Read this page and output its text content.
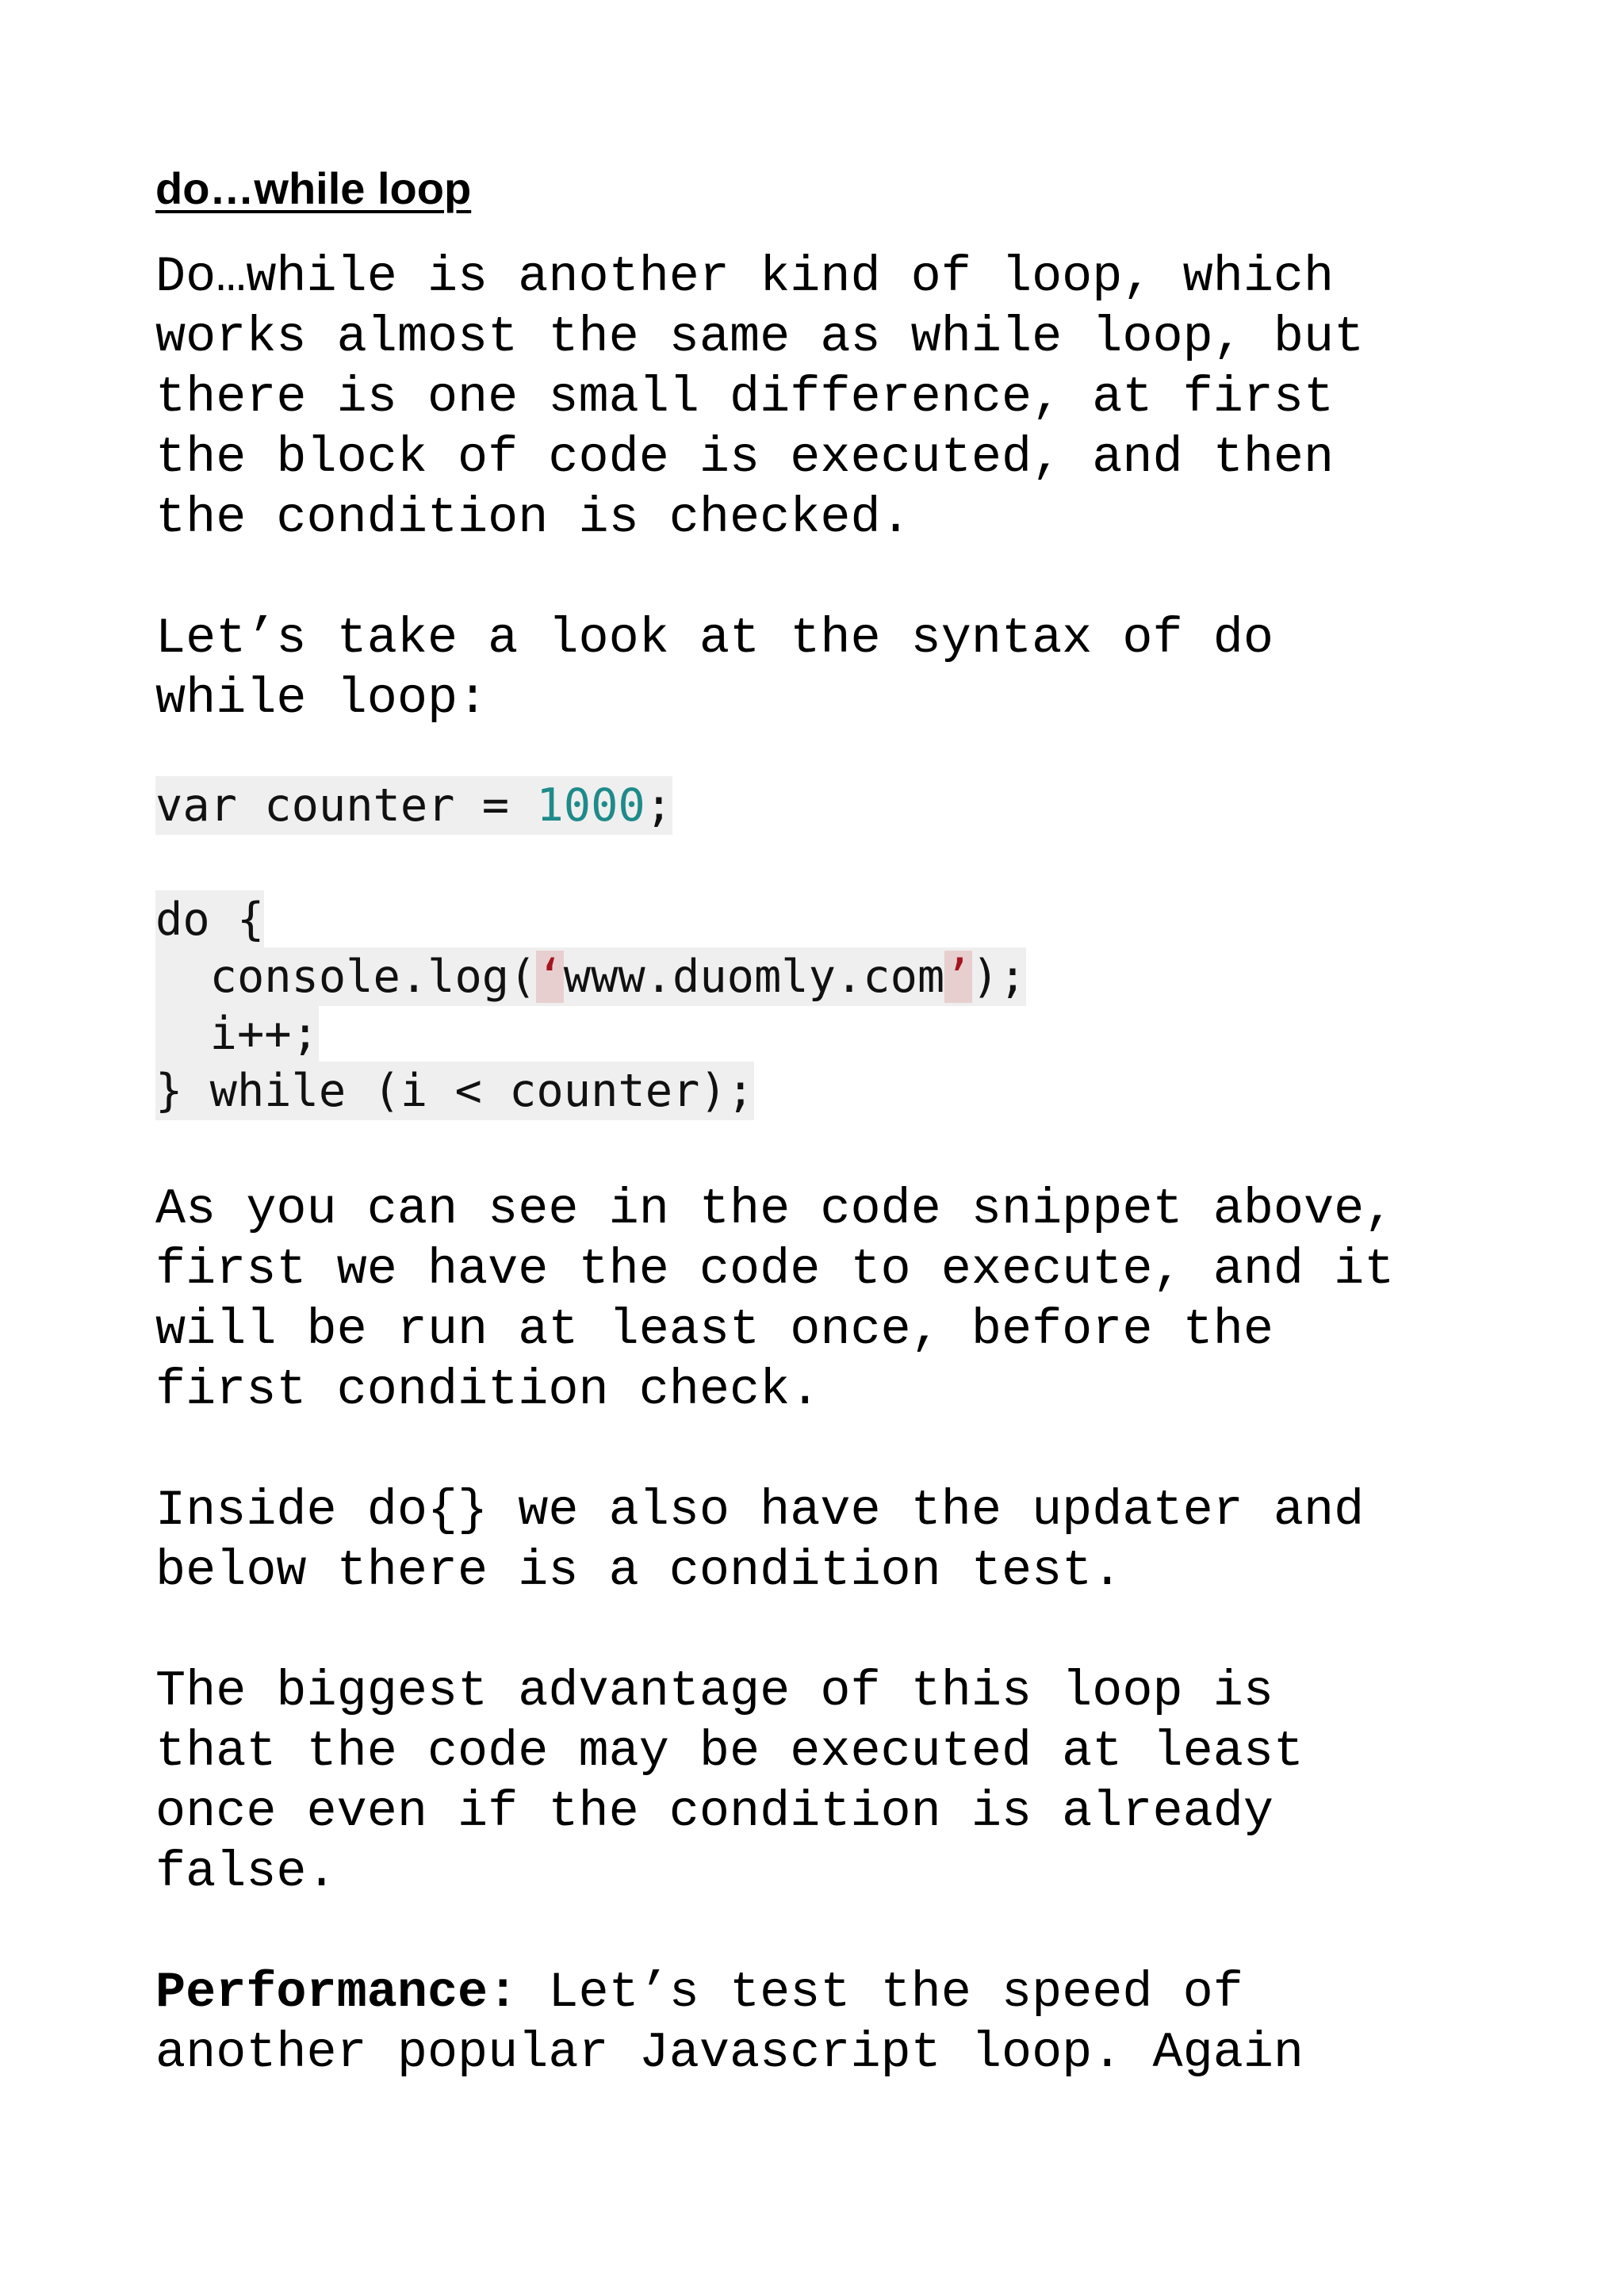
do…while loop

Do…while is another kind of loop, which
works almost the same as while loop, but
there is one small difference, at first
the block of code is executed, and then
the condition is checked.

Let’s take a look at the syntax of do
while loop:

var counter = 1000;

do {
console.log(‘www.duomly.com’);
i++;
} while (i < counter);

As you can see in the code snippet above,
first we have the code to execute, and it
will be run at least once, before the
first condition check.

Inside do{} we also have the updater and
below there is a condition test.

The biggest advantage of this loop is
that the code may be executed at least
once even if the condition is already
false.

Performance: Let’s test the speed of
another popular Javascript loop. Again
